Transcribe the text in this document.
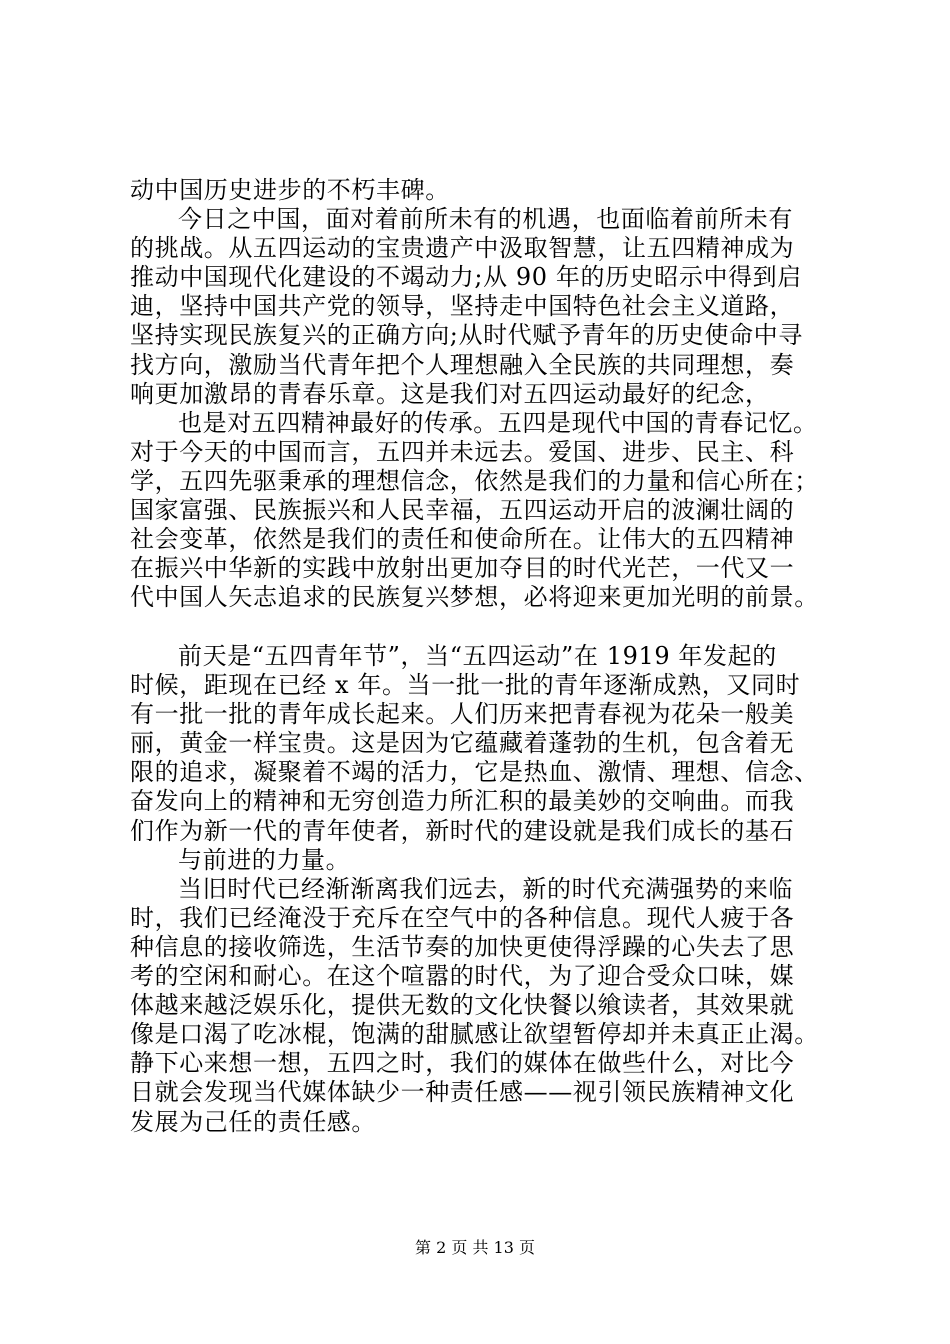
动中国历史进步的不朽丰碑。
今日之中国，面对着前所未有的机遇，也面临着前所未有
的挑战。从五四运动的宝贵遗产中汲取智慧，让五四精神成为
推动中国现代化建设的不竭动力;从 90 年的历史昭示中得到启
迪，坚持中国共产党的领导，坚持走中国特色社会主义道路，
坚持实现民族复兴的正确方向;从时代赋予青年的历史使命中寻
找方向，激励当代青年把个人理想融入全民族的共同理想，奏
响更加激昂的青春乐章。这是我们对五四运动最好的纪念，
也是对五四精神最好的传承。五四是现代中国的青春记忆。
对于今天的中国而言，五四并未远去。爱国、进步、民主、科
学，五四先驱秉承的理想信念，依然是我们的力量和信心所在；
国家富强、民族振兴和人民幸福，五四运动开启的波澜壮阔的
社会变革，依然是我们的责任和使命所在。让伟大的五四精神
在振兴中华新的实践中放射出更加夺目的时代光芒，一代又一
代中国人矢志追求的民族复兴梦想，必将迎来更加光明的前景。
前天是“五四青年节”，当“五四运动”在 1919 年发起的
时候，距现在已经 x 年。当一批一批的青年逐渐成熟，又同时
有一批一批的青年成长起来。人们历来把青春视为花朵一般美
丽，黄金一样宝贵。这是因为它蕴藏着蓬勃的生机，包含着无
限的追求，凝聚着不竭的活力，它是热血、激情、理想、信念、
奋发向上的精神和无穷创造力所汇积的最美妙的交响曲。而我
们作为新一代的青年使者，新时代的建设就是我们成长的基石
与前进的力量。
当旧时代已经渐渐离我们远去，新的时代充满强势的来临
时，我们已经淹没于充斥在空气中的各种信息。现代人疲于各
种信息的接收筛选，生活节奏的加快更使得浮躁的心失去了思
考的空闲和耐心。在这个喧嚣的时代，为了迎合受众口味，媒
体越来越泛娱乐化，提供无数的文化快餐以飨读者，其效果就
像是口渴了吃冰棍，饱满的甜腻感让欲望暂停却并未真正止渴。
静下心来想一想，五四之时，我们的媒体在做些什么，对比今
日就会发现当代媒体缺少一种责任感——视引领民族精神文化
发展为己任的责任感。
第 2 页 共 13 页
